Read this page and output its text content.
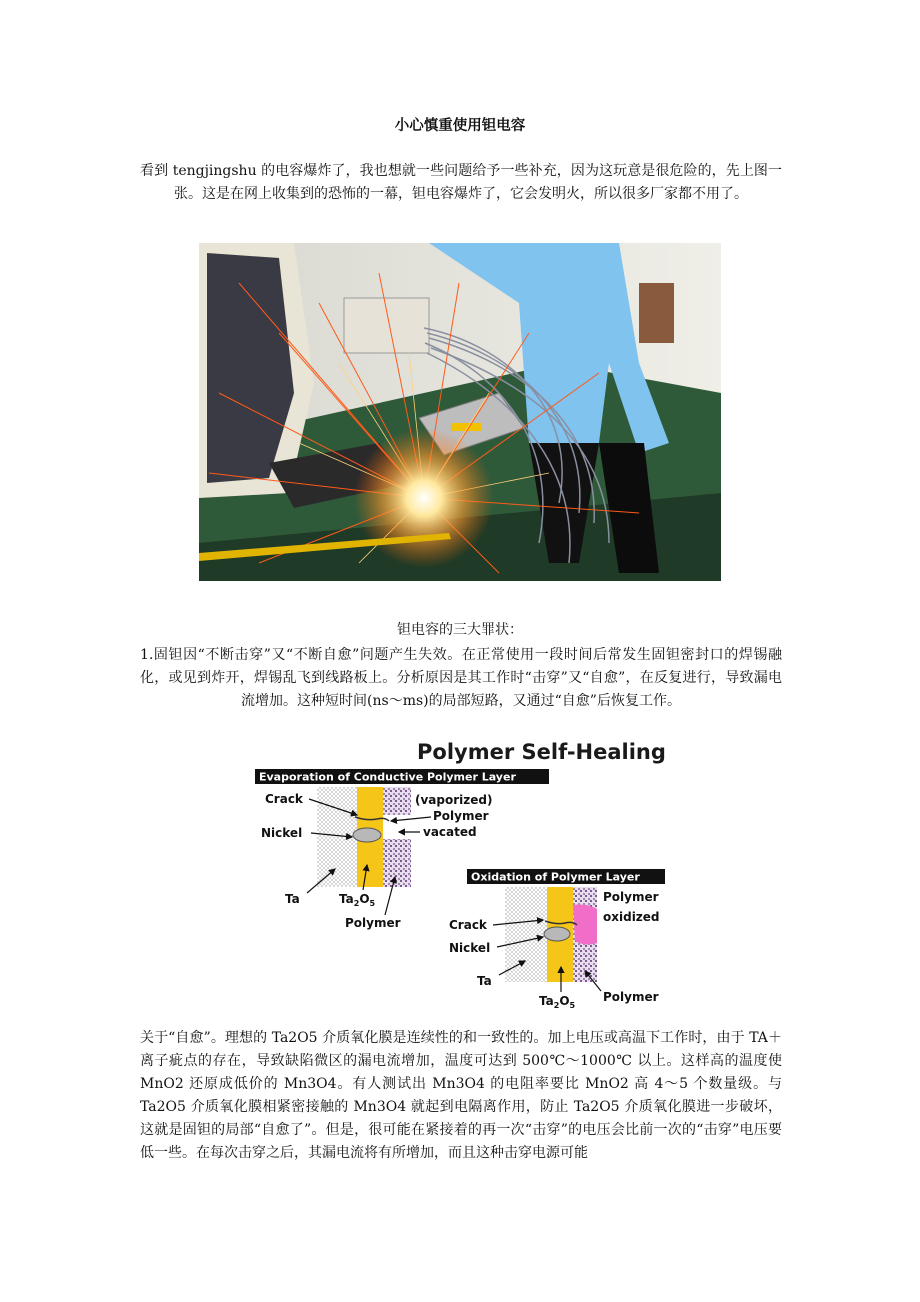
小心慎重使用钽电容
看到 tengjingshu 的电容爆炸了，我也想就一些问题给予一些补充，因为这玩意是很危险的，先上图一张。这是在网上收集到的恐怖的一幕，钽电容爆炸了，它会发明火，所以很多厂家都不用了。
钽电容的三大罪状：
1.固钽因“不断击穿”又“不断自愈”问题产生失效。在正常使用一段时间后常发生固钽密封口的焊锡融化，或见到炸开，焊锡乱飞到线路板上。分析原因是其工作时“击穿”又“自愈”，在反复进行，导致漏电流增加。这种短时间(ns～ms)的局部短路，又通过“自愈”后恢复工作。
Polymer Self-Healing
Evaporation of Conductive Polymer Layer
Crack
Nickel
Ta	$Ta_2O_5$
Polymer
(vaporized)
Polymer
vacated
Oxidation of Polymer Layer
Polymer
oxidized
Crack
Nickel
Ta
$Ta_2O_5$
Polymer
关于“自愈”。理想的 Ta2O5 介质氧化膜是连续性的和一致性的。加上电压或高温下工作时，由于 TA＋离子疵点的存在，导致缺陷微区的漏电流增加，温度可达到 500℃～1000℃ 以上。这样高的温度使 MnO2 还原成低价的 Mn3O4。有人测试出 Mn3O4 的电阻率要比 MnO2 高 4～5 个数量级。与 Ta2O5 介质氧化膜相紧密接触的 Mn3O4 就起到电隔离作用，防止 Ta2O5 介质氧化膜进一步破坏，这就是固钽的局部“自愈了”。但是，很可能在紧接着的再一次“击穿”的电压会比前一次的“击穿”电压要低一些。在每次击穿之后，其漏电流将有所增加，而且这种击穿电源可能
